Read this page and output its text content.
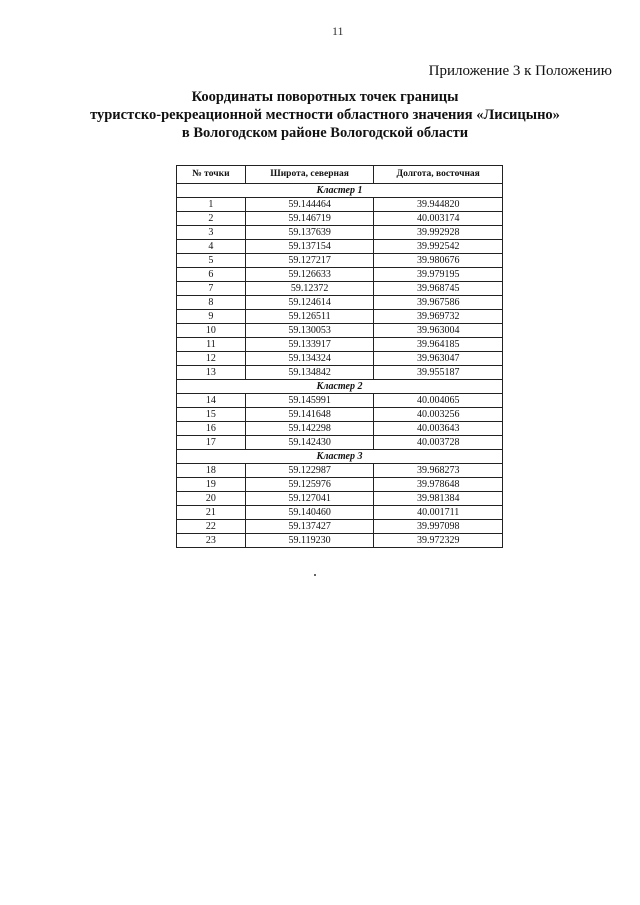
11
Приложение 3 к Положению
Координаты поворотных точек границы
туристско-рекреационной местности областного значения «Лисицыно»
в Вологодском районе Вологодской области
№ точки	Широта, северная	Долгота, восточная
Кластер 1		
1	59.144464	39.944820
2	59.146719	40.003174
3	59.137639	39.992928
4	59.137154	39.992542
5	59.127217	39.980676
6	59.126633	39.979195
7	59.12372	39.968745
8	59.124614	39.967586
9	59.126511	39.969732
10	59.130053	39.963004
11	59.133917	39.964185
12	59.134324	39.963047
13	59.134842	39.955187
Кластер 2		
14	59.145991	40.004065
15	59.141648	40.003256
16	59.142298	40.003643
17	59.142430	40.003728
Кластер 3		
18	59.122987	39.968273
19	59.125976	39.978648
20	59.127041	39.981384
21	59.140460	40.001711
22	59.137427	39.997098
23	59.119230	39.972329
